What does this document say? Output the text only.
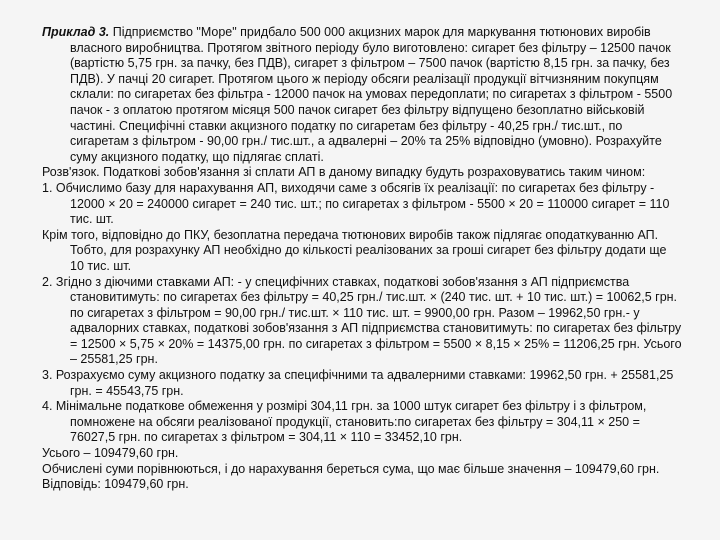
Приклад 3. Підприємство "Море" придбало 500 000 акцизних марок для маркування тютюнових виробів власного виробництва. Протягом звітного періоду було виготовлено: сигарет без фільтру – 12500 пачок (вартістю 5,75 грн. за пачку, без ПДВ), сигарет з фільтром – 7500 пачок (вартістю 8,15 грн. за пачку, без ПДВ). У пачці 20 сигарет. Протягом цього ж періоду обсяги реалізації продукції вітчизняним покупцям склали: по сигаретах без фільтра - 12000 пачок на умовах передоплати; по сигаретах з фільтром - 5500 пачок - з оплатою протягом місяця 500 пачок сигарет без фільтру відпущено безоплатно військовій частині. Специфічні ставки акцизного податку по сигаретам без фільтру - 40,25 грн./ тис.шт., по сигаретам з фільтром - 90,00 грн./ тис.шт., а адвалерні – 20% та 25% відповідно (умовно). Розрахуйте суму акцизного податку, що підлягає сплаті.

Розв'язок. Податкові зобов'язання зі сплати АП в даному випадку будуть розраховуватись таким чином:

1. Обчислимо базу для нарахування АП, виходячи саме з обсягів їх реалізації: по сигаретах без фільтру - 12000 × 20 = 240000 сигарет = 240 тис. шт.; по сигаретах з фільтром - 5500 × 20 = 110000 сигарет = 110 тис. шт.

Крім того, відповідно до ПКУ, безоплатна передача тютюнових виробів також підлягає оподаткуванню АП. Тобто, для розрахунку АП необхідно до кількості реалізованих за гроші сигарет без фільтру додати ще 10 тис. шт.

2. Згідно з діючими ставками АП: - у специфічних ставках, податкові зобов'язання з АП підприємства становитимуть: по сигаретах без фільтру = 40,25 грн./ тис.шт. × (240 тис. шт. + 10 тис. шт.) = 10062,5 грн. по сигаретах з фільтром = 90,00 грн./ тис.шт. × 110 тис. шт. = 9900,00 грн. Разом – 19962,50 грн.- у адвалорних ставках, податкові зобов'язання з АП підприємства становитимуть: по сигаретах без фільтру = 12500 × 5,75 × 20% = 14375,00 грн. по сигаретах з фільтром = 5500 × 8,15 × 25% = 11206,25 грн. Усього – 25581,25 грн.

3. Розрахуємо суму акцизного податку за специфічними та адвалерними ставками: 19962,50 грн. + 25581,25 грн. = 45543,75 грн.

4. Мінімальне податкове обмеження у розмірі 304,11 грн. за 1000 штук сигарет без фільтру і з фільтром, помножене на обсяги реалізованої продукції, становить:по сигаретах без фільтру = 304,11 × 250 = 76027,5 грн. по сигаретах з фільтром = 304,11 × 110 = 33452,10 грн.

Усього – 109479,60 грн.

Обчислені суми порівнюються, і до нарахування береться сума, що має більше значення – 109479,60 грн.

Відповідь: 109479,60 грн.
